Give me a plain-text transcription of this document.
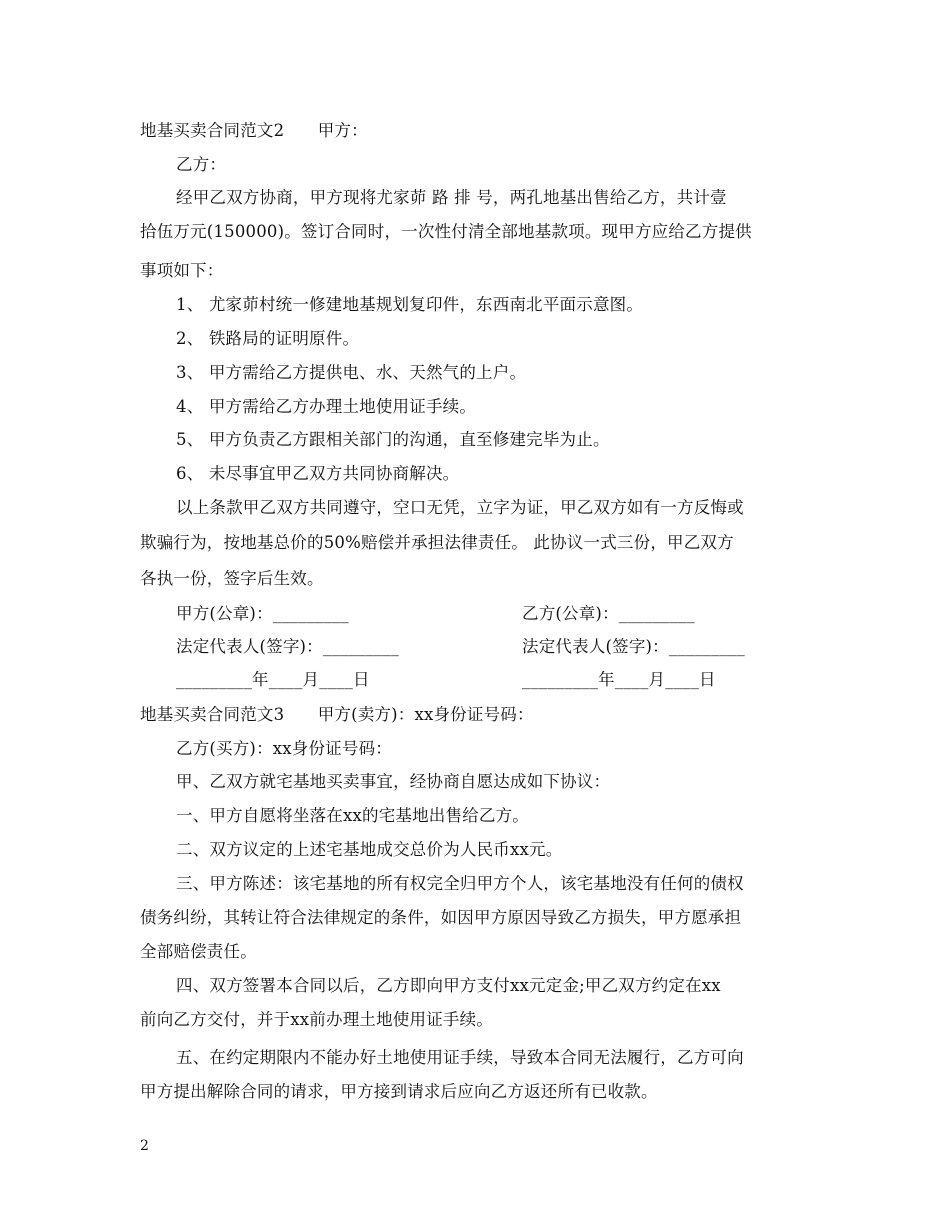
地基买卖合同范文2　　甲方：
乙方：
经甲乙双方协商，甲方现将尤家茆 路 排 号，两孔地基出售给乙方，共计壹
拾伍万元(150000)。签订合同时，一次性付清全部地基款项。现甲方应给乙方提供
事项如下：
1、 尤家茆村统一修建地基规划复印件，东西南北平面示意图。
2、 铁路局的证明原件。
3、 甲方需给乙方提供电、水、天然气的上户。
4、 甲方需给乙方办理土地使用证手续。
5、 甲方负责乙方跟相关部门的沟通，直至修建完毕为止。
6、 未尽事宜甲乙双方共同协商解决。
以上条款甲乙双方共同遵守，空口无凭，立字为证，甲乙双方如有一方反悔或
欺骗行为，按地基总价的50%赔偿并承担法律责任。 此协议一式三份，甲乙双方
各执一份，签字后生效。
甲方(公章)：_________	乙方(公章)：_________
法定代表人(签字)：_________	法定代表人(签字)：_________
_________年____月____日	_________年____月____日
地基买卖合同范文3　　甲方(卖方)：xx身份证号码：
乙方(买方)：xx身份证号码：
甲、乙双方就宅基地买卖事宜，经协商自愿达成如下协议：
一、甲方自愿将坐落在xx的宅基地出售给乙方。
二、双方议定的上述宅基地成交总价为人民币xx元。
三、甲方陈述：该宅基地的所有权完全归甲方个人，该宅基地没有任何的债权
债务纠纷，其转让符合法律规定的条件，如因甲方原因导致乙方损失，甲方愿承担
全部赔偿责任。
四、双方签署本合同以后，乙方即向甲方支付xx元定金;甲乙双方约定在xx
前向乙方交付，并于xx前办理土地使用证手续。
五、在约定期限内不能办好土地使用证手续，导致本合同无法履行，乙方可向
甲方提出解除合同的请求，甲方接到请求后应向乙方返还所有已收款。
2
